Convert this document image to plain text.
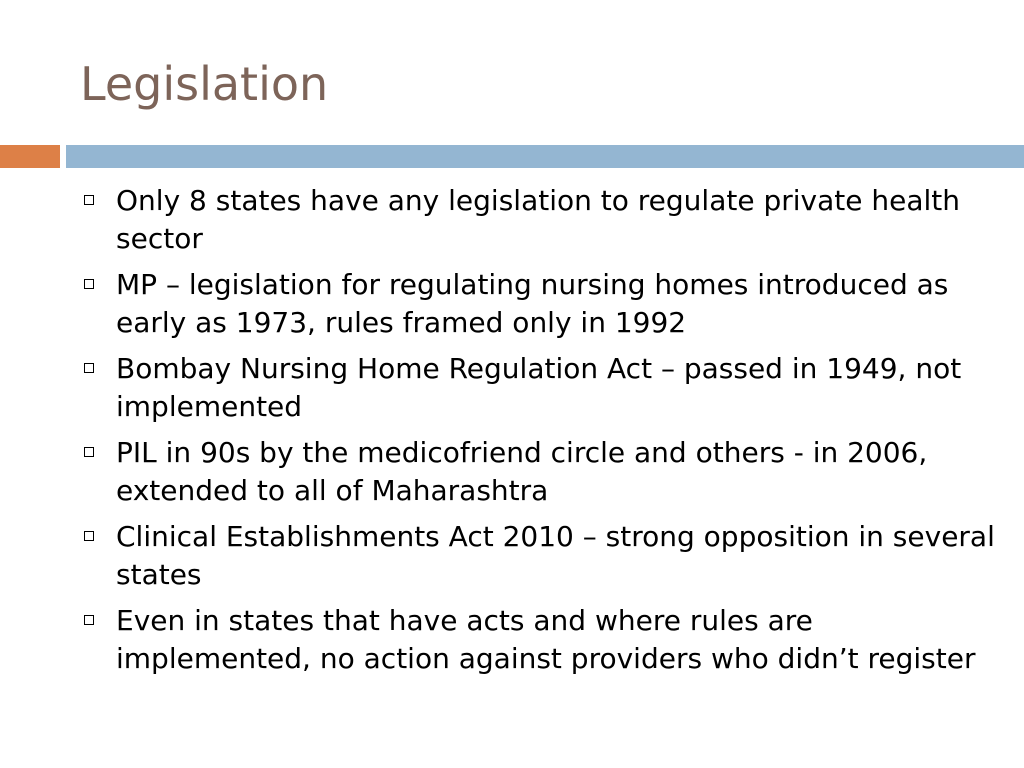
Legislation
Only 8 states have any legislation to regulate private health sector
MP – legislation for regulating nursing homes introduced as early as 1973, rules framed only in 1992
Bombay Nursing Home Regulation Act – passed in 1949, not implemented
PIL in 90s by the medicofriend circle and others - in 2006, extended to all of Maharashtra
Clinical Establishments Act 2010 – strong opposition in several states
Even in states that have acts and where rules are implemented, no action against providers who didn’t register
